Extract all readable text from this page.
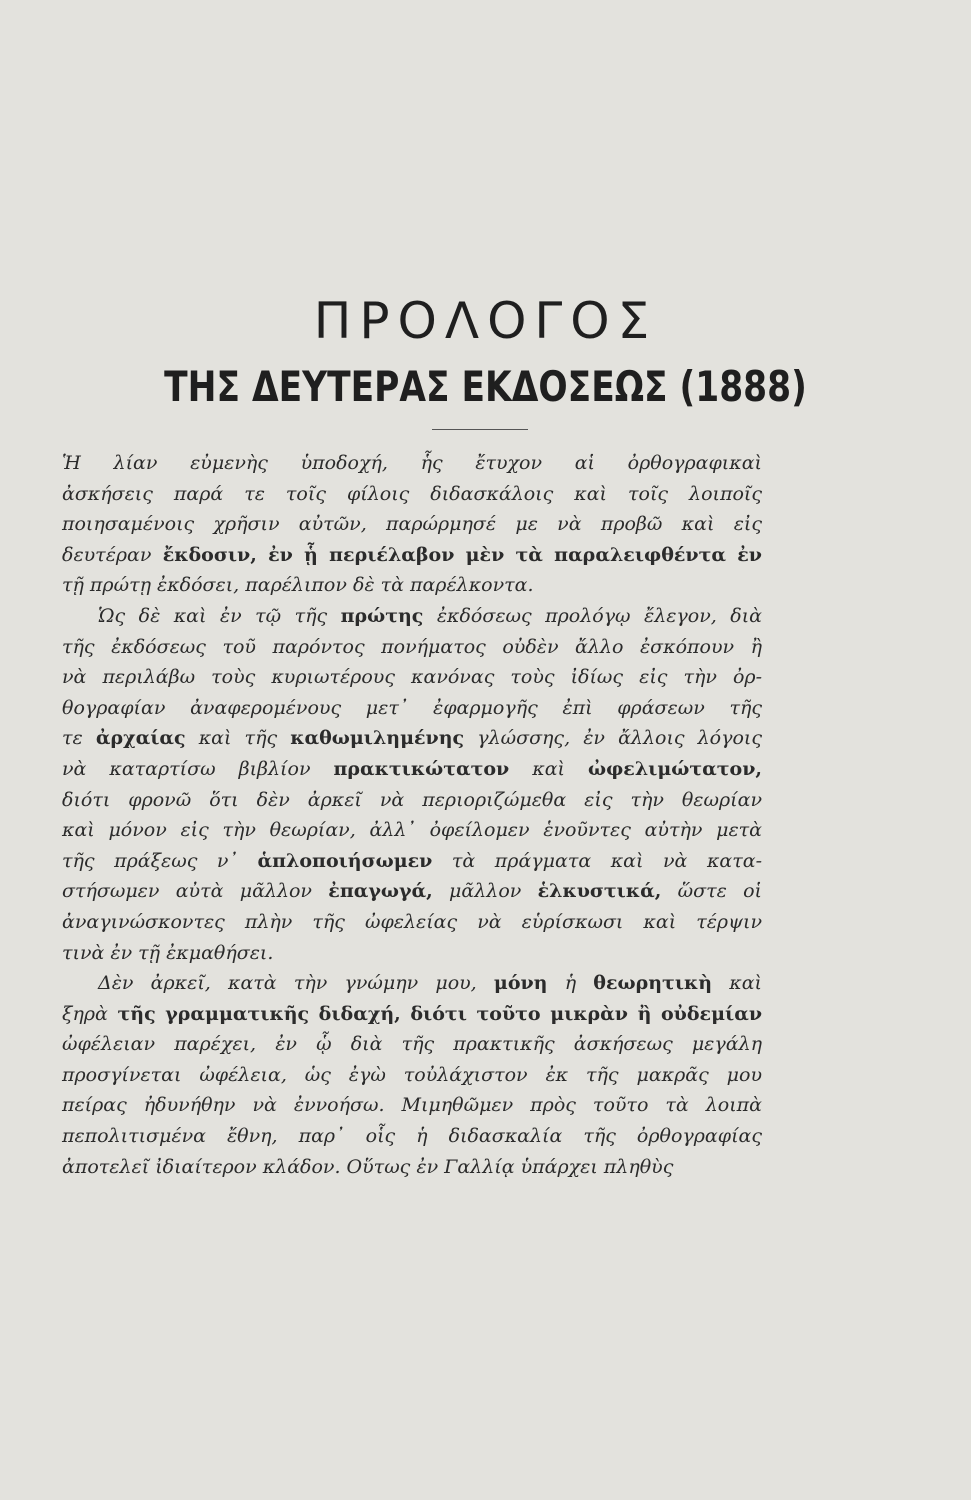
ΠΡΟΛΟΓΟΣ
ΤΗΣ ΔΕΥΤΕΡΑΣ ΕΚΔΟΣΕΩΣ (1888)
Ἡ λίαν εὐμενὴς ὑποδοχή, ἧς ἔτυχον αἱ ὀρθογραφικαὶ
ἀσκήσεις παρά τε τοῖς φίλοις διδασκάλοις καὶ τοῖς λοιποῖς
ποιησαμένοις χρῆσιν αὐτῶν, παρώρμησέ με νὰ προβῶ καὶ εἰς
δευτέραν ἔκδοσιν, ἐν ᾗ περιέλαβον μὲν τὰ παραλειφθέντα ἐν
τῇ πρώτῃ ἐκδόσει, παρέλιπον δὲ τὰ παρέλκοντα.
Ὡς δὲ καὶ ἐν τῷ τῆς πρώτης ἐκδόσεως προλόγῳ ἔλεγον, διὰ
τῆς ἐκδόσεως τοῦ παρόντος πονήματος οὐδὲν ἄλλο ἐσκόπουν ἢ
νὰ περιλάβω τοὺς κυριωτέρους κανόνας τοὺς ἰδίως εἰς τὴν ὀρ-
θογραφίαν ἀναφερομένους μετ᾽ ἐφαρμογῆς ἐπὶ φράσεων τῆς
τε ἀρχαίας καὶ τῆς καθωμιλημένης γλώσσης, ἐν ἄλλοις λόγοις
νὰ καταρτίσω βιβλίον πρακτικώτατον καὶ ὠφελιμώτατον,
διότι φρονῶ ὅτι δὲν ἀρκεῖ νὰ περιοριζώμεθα εἰς τὴν θεωρίαν
καὶ μόνον εἰς τὴν θεωρίαν, ἀλλ᾽ ὀφείλομεν ἑνοῦντες αὐτὴν μετὰ
τῆς πράξεως ν᾽ ἁπλοποιήσωμεν τὰ πράγματα καὶ νὰ κατα-
στήσωμεν αὐτὰ μᾶλλον ἐπαγωγά, μᾶλλον ἑλκυστικά, ὥστε οἱ
ἀναγινώσκοντες πλὴν τῆς ὠφελείας νὰ εὑρίσκωσι καὶ τέρψιν
τινὰ ἐν τῇ ἐκμαθήσει.
Δὲν ἀρκεῖ, κατὰ τὴν γνώμην μου, μόνη ἡ θεωρητικὴ καὶ
ξηρὰ τῆς γραμματικῆς διδαχή, διότι τοῦτο μικρὰν ἢ οὐδεμίαν
ὠφέλειαν παρέχει, ἐν ᾧ διὰ τῆς πρακτικῆς ἀσκήσεως μεγάλη
προσγίνεται ὠφέλεια, ὡς ἐγὼ τοὐλάχιστον ἐκ τῆς μακρᾶς μου
πείρας ἠδυνήθην νὰ ἐννοήσω. Μιμηθῶμεν πρὸς τοῦτο τὰ λοιπὰ
πεπολιτισμένα ἔθνη, παρ᾽ οἷς ἡ διδασκαλία τῆς ὀρθογραφίας
ἀποτελεῖ ἰδιαίτερον κλάδον. Οὕτως ἐν Γαλλίᾳ ὑπάρχει πληθὺς
